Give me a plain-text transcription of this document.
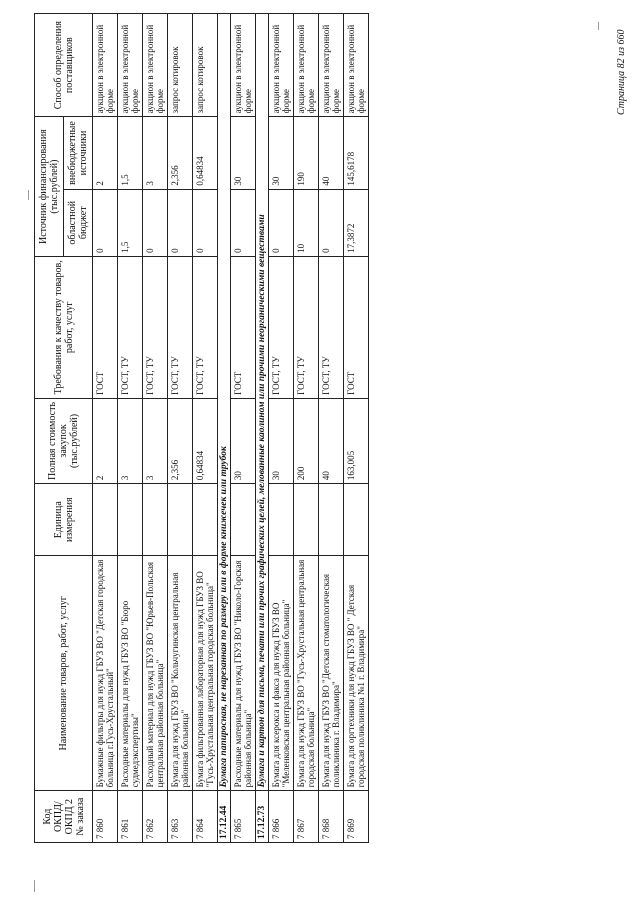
Код ОКПД/ ОКПД 2 № заказа	Наименование товаров, работ, услуг	Единица измерения	Полная стоимость закупок (тыс.рублей)	Требования к качеству товаров, работ, услуг	Источник финансирования (тыс.рублей)		Способ определения поставщиков
					областной бюджет	внебюджетные источники	
7 860	Бумажные фильтры для нужд ГБУЗ ВО "Детская городская больница г.Гусь-Хрустальный"		2	ГОСТ	0	2	аукцион в электронной форме
7 861	Расходные материалы для нужд ГБУЗ ВО "Бюро судмедэкспертизы"		3	ГОСТ, ТУ	1,5	1,5	аукцион в электронной форме
7 862	Расходный материал для нужд ГБУЗ ВО "Юрьев-Польская центральная районная больница"		3	ГОСТ, ТУ	0	3	аукцион в электронной форме
7 863	Бумага для нужд ГБУЗ ВО "Кольчугинская центральная районная больница"		2,356	ГОСТ, ТУ	0	2,356	запрос котировок
7 864	Бумага фильтрованная лабораторная для нужд ГБУЗ ВО "Гусь-Хрустальная центральная городская больница"		0,64834	ГОСТ, ТУ	0	0,64834	запрос котировок
17.12.44	Бумага папиросная, не нарезанная по размеру или в форме книжечек или трубок						
7 865	Расходные материалы для нужд ГБУЗ ВО "Николо-Горская районная больница"		30	ГОСТ	0	30	аукцион в электронной форме
17.12.73	Бумага и картон для письма, печати или прочих графических целей, мелованные каолином или прочими неорганическими веществами						
7 866	Бумага для ксерокса и факса для нужд ГБУЗ ВО "Меленковская центральная районная больница"		30	ГОСТ, ТУ	0	30	аукцион в электронной форме
7 867	Бумага для нужд ГБУЗ ВО "Гусь-Хрустальная центральная городская больница"		200	ГОСТ, ТУ	10	190	аукцион в электронной форме
7 868	Бумага для нужд ГБУЗ ВО "Детская стоматологическая поликлиника г. Владимира"		40	ГОСТ, ТУ	0	40	аукцион в электронной форме
7 869	Бумага для оргтехники для нужд ГБУЗ ВО " Детская городская поликлиника №1 г. Владимира"		163,005	ГОСТ	17,3872	145,6178	аукцион в электронной форме	Страница 82 из 660
